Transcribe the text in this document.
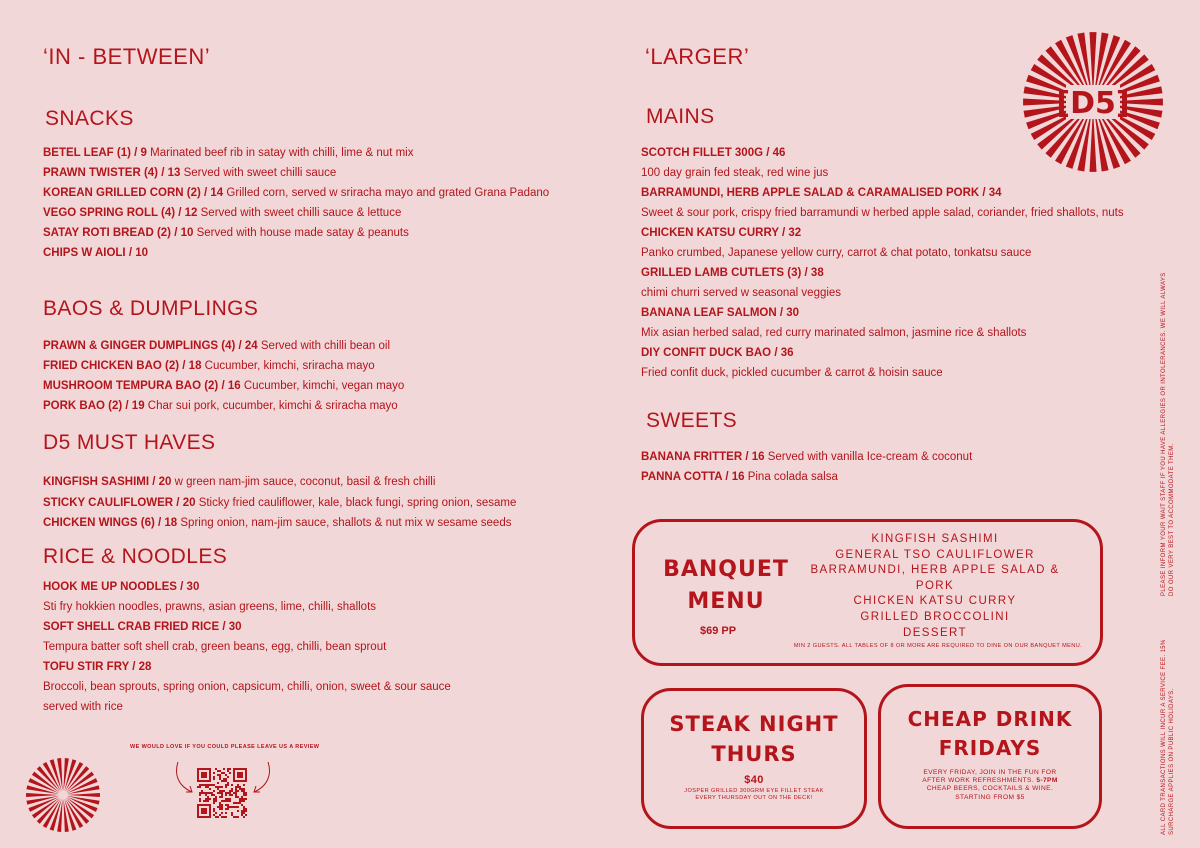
‘IN - BETWEEN’
SNACKS
BETEL LEAF (1) / 9 Marinated beef rib in satay with chilli, lime & nut mix
PRAWN TWISTER (4) / 13 Served with sweet chilli sauce
KOREAN GRILLED CORN (2) / 14 Grilled corn, served w sriracha mayo and grated Grana Padano
VEGO SPRING ROLL (4) / 12 Served with sweet chilli sauce & lettuce
SATAY ROTI BREAD (2) / 10 Served with house made satay & peanuts
CHIPS W AIOLI / 10
BAOS & DUMPLINGS
PRAWN & GINGER DUMPLINGS (4) / 24 Served with chilli bean oil
FRIED CHICKEN BAO (2) / 18 Cucumber, kimchi, sriracha mayo
MUSHROOM TEMPURA BAO (2) / 16 Cucumber, kimchi, vegan mayo
PORK BAO (2) / 19 Char sui pork, cucumber, kimchi & sriracha mayo
D5 MUST HAVES
KINGFISH SASHIMI / 20 w green nam-jim sauce, coconut, basil & fresh chilli
STICKY CAULIFLOWER / 20 Sticky fried cauliflower, kale, black fungi, spring onion, sesame
CHICKEN WINGS (6) / 18 Spring onion, nam-jim sauce, shallots & nut mix w sesame seeds
RICE & NOODLES
HOOK ME UP NOODLES / 30
Sti fry hokkien noodles, prawns, asian greens, lime, chilli, shallots
SOFT SHELL CRAB FRIED RICE / 30
Tempura batter soft shell crab, green beans, egg, chilli, bean sprout
TOFU STIR FRY / 28
Broccoli, bean sprouts, spring onion, capsicum, chilli, onion, sweet & sour sauce
served with rice
WE WOULD LOVE IF YOU COULD PLEASE LEAVE US A REVIEW
‘LARGER’
[D5]
MAINS
SCOTCH FILLET 300G / 46
100 day grain fed steak, red wine jus
BARRAMUNDI, HERB APPLE SALAD & CARAMALISED PORK / 34
Sweet & sour pork, crispy fried barramundi w herbed apple salad, coriander, fried shallots, nuts
CHICKEN KATSU CURRY / 32
Panko crumbed, Japanese yellow curry, carrot & chat potato, tonkatsu sauce
GRILLED LAMB CUTLETS (3) / 38
chimi churri served w seasonal veggies
BANANA LEAF SALMON / 30
Mix asian herbed salad, red curry marinated salmon, jasmine rice & shallots
DIY CONFIT DUCK BAO / 36
Fried confit duck, pickled cucumber & carrot & hoisin sauce
SWEETS
BANANA FRITTER / 16 Served with vanilla Ice-cream & coconut
PANNA COTTA / 16 Pina colada salsa
BANQUET
MENU
$69 PP
KINGFISH SASHIMI
GENERAL TSO CAULIFLOWER
BARRAMUNDI, HERB APPLE SALAD & PORK
CHICKEN KATSU CURRY
GRILLED BROCCOLINI
DESSERT
MIN 2 GUESTS. ALL TABLES OF 8 OR MORE ARE REQUIRED TO DINE ON OUR BANQUET MENU.
STEAK NIGHT
THURS
$40
JOSPER GRILLED 300GRM EYE FILLET STEAK
EVERY THURSDAY OUT ON THE DECK!
CHEAP DRINK
FRIDAYS
EVERY FRIDAY, JOIN IN THE FUN FOR
AFTER WORK REFRESHMENTS. 5-7PM
CHEAP BEERS, COCKTAILS & WINE.
STARTING FROM $5
PLEASE INFORM YOUR WAIT STAFF IF YOU HAVE ALLERGIES OR INTOLERANCES. WE WILL ALWAYS DO OUR VERY BEST TO ACCOMMODATE THEM.
ALL CARD TRANSACTIONS WILL INCUR A SERVICE FEE. 15% SURCHARGE APPLIES ON PUBLIC HOLIDAYS.
